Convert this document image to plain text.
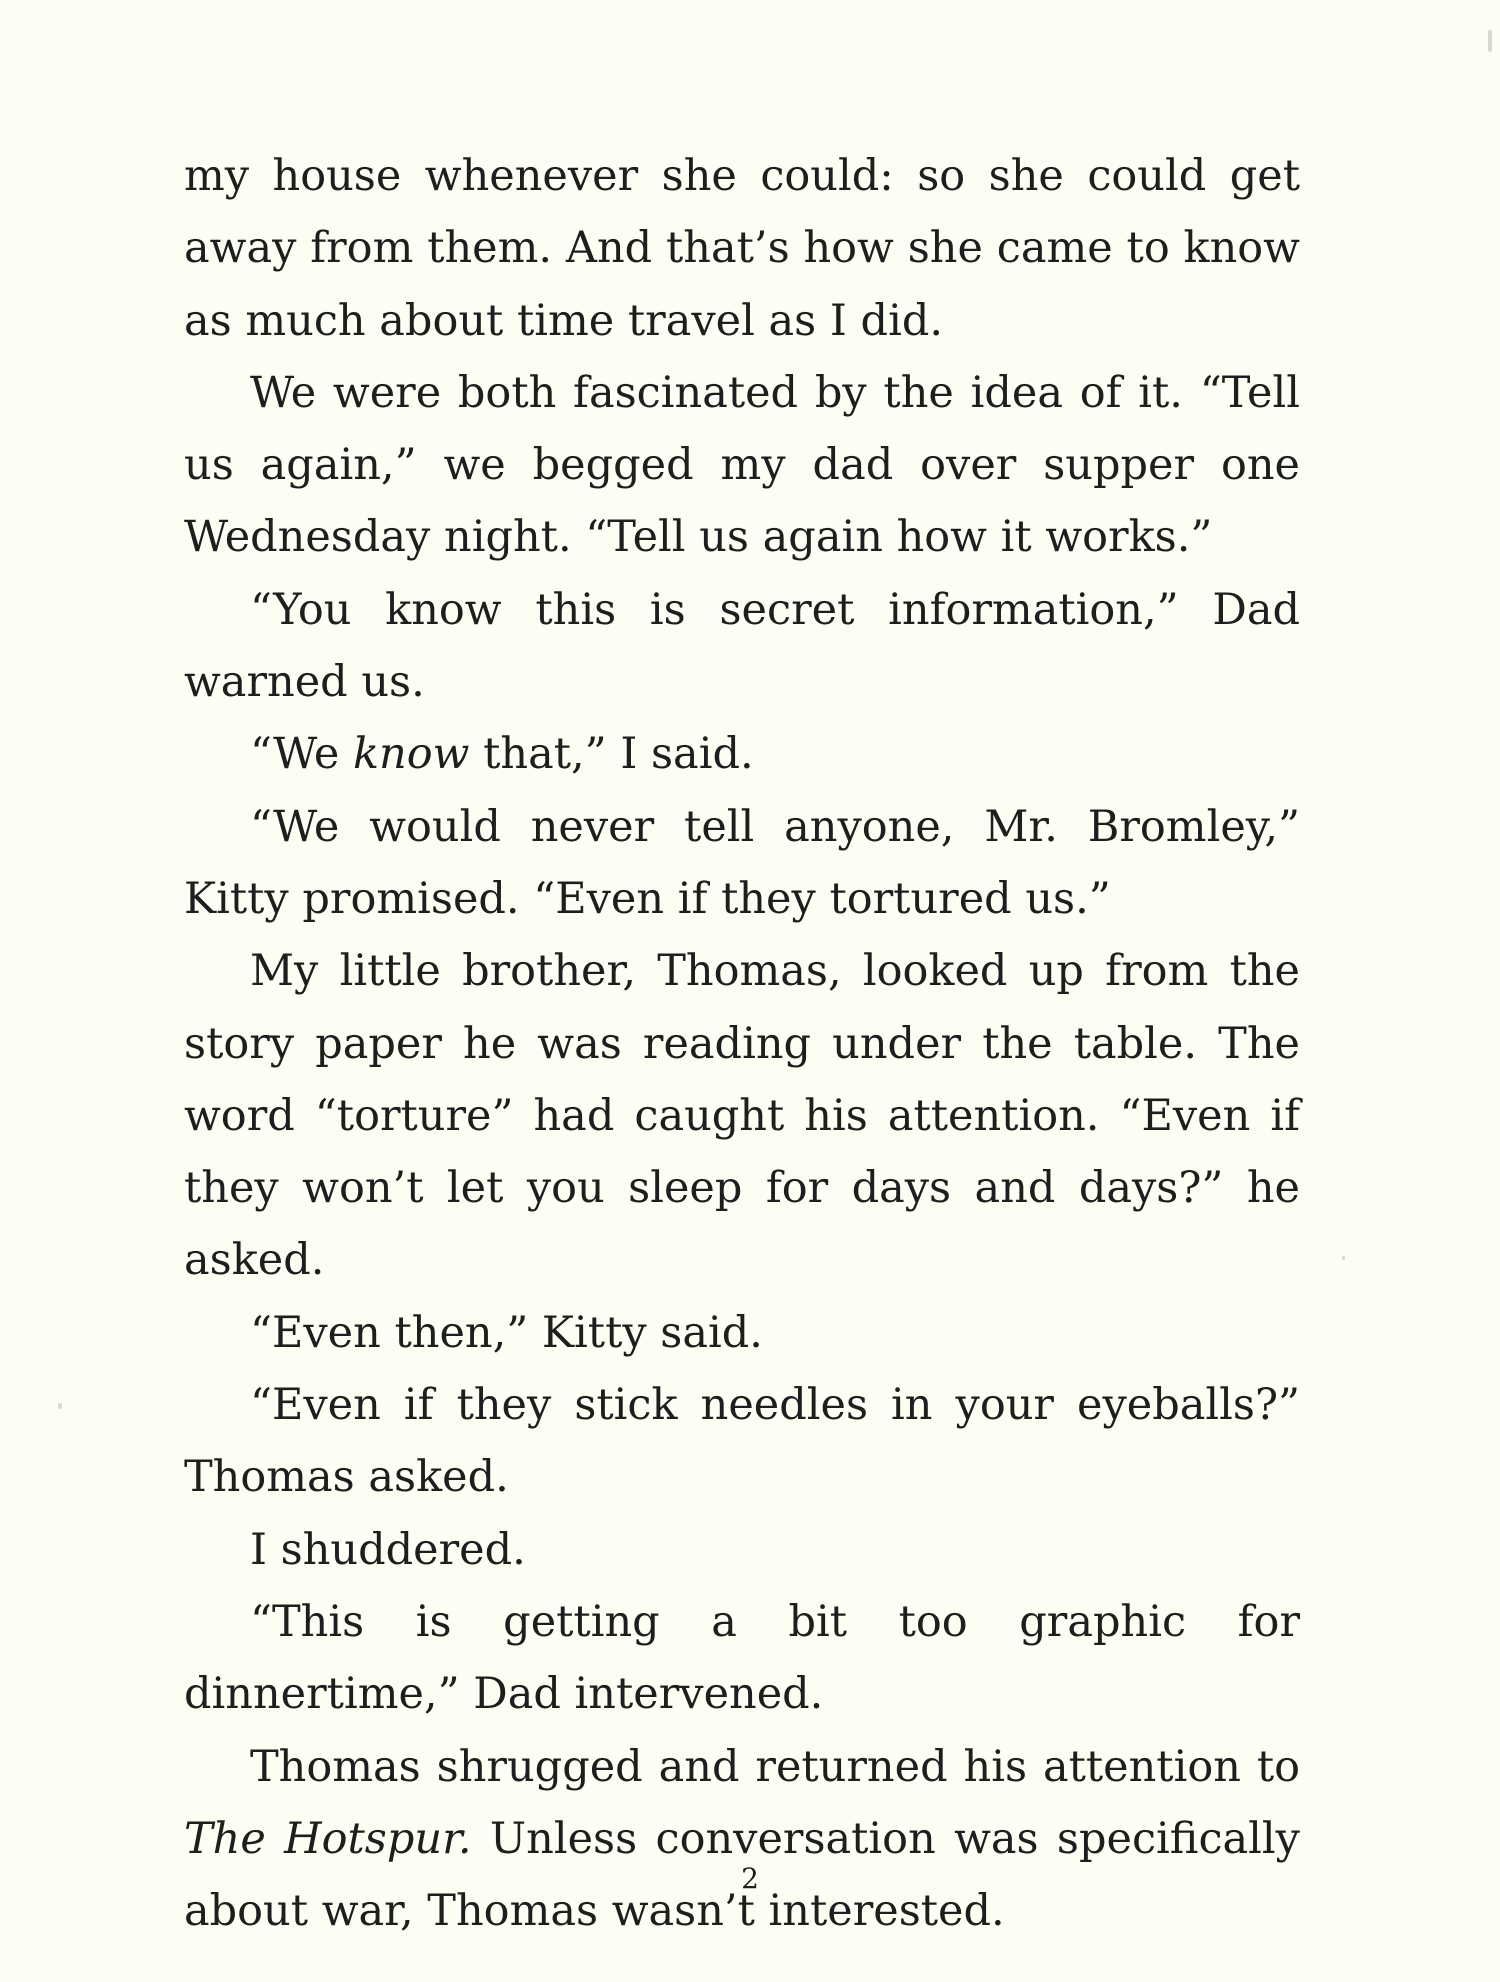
my house whenever she could: so she could get away from them. And that’s how she came to know as much about time travel as I did.

We were both fascinated by the idea of it. “Tell us again,” we begged my dad over supper one Wednesday night. “Tell us again how it works.”

“You know this is secret information,” Dad warned us.

“We know that,” I said.

“We would never tell anyone, Mr. Bromley,” Kitty promised. “Even if they tortured us.”

My little brother, Thomas, looked up from the story paper he was reading under the table. The word “torture” had caught his attention. “Even if they won’t let you sleep for days and days?” he asked.

“Even then,” Kitty said.

“Even if they stick needles in your eyeballs?” Thomas asked.

I shuddered.

“This is getting a bit too graphic for dinnertime,” Dad intervened.

Thomas shrugged and returned his attention to The Hotspur. Unless conversation was specifically about war, Thomas wasn’t interested.

2
